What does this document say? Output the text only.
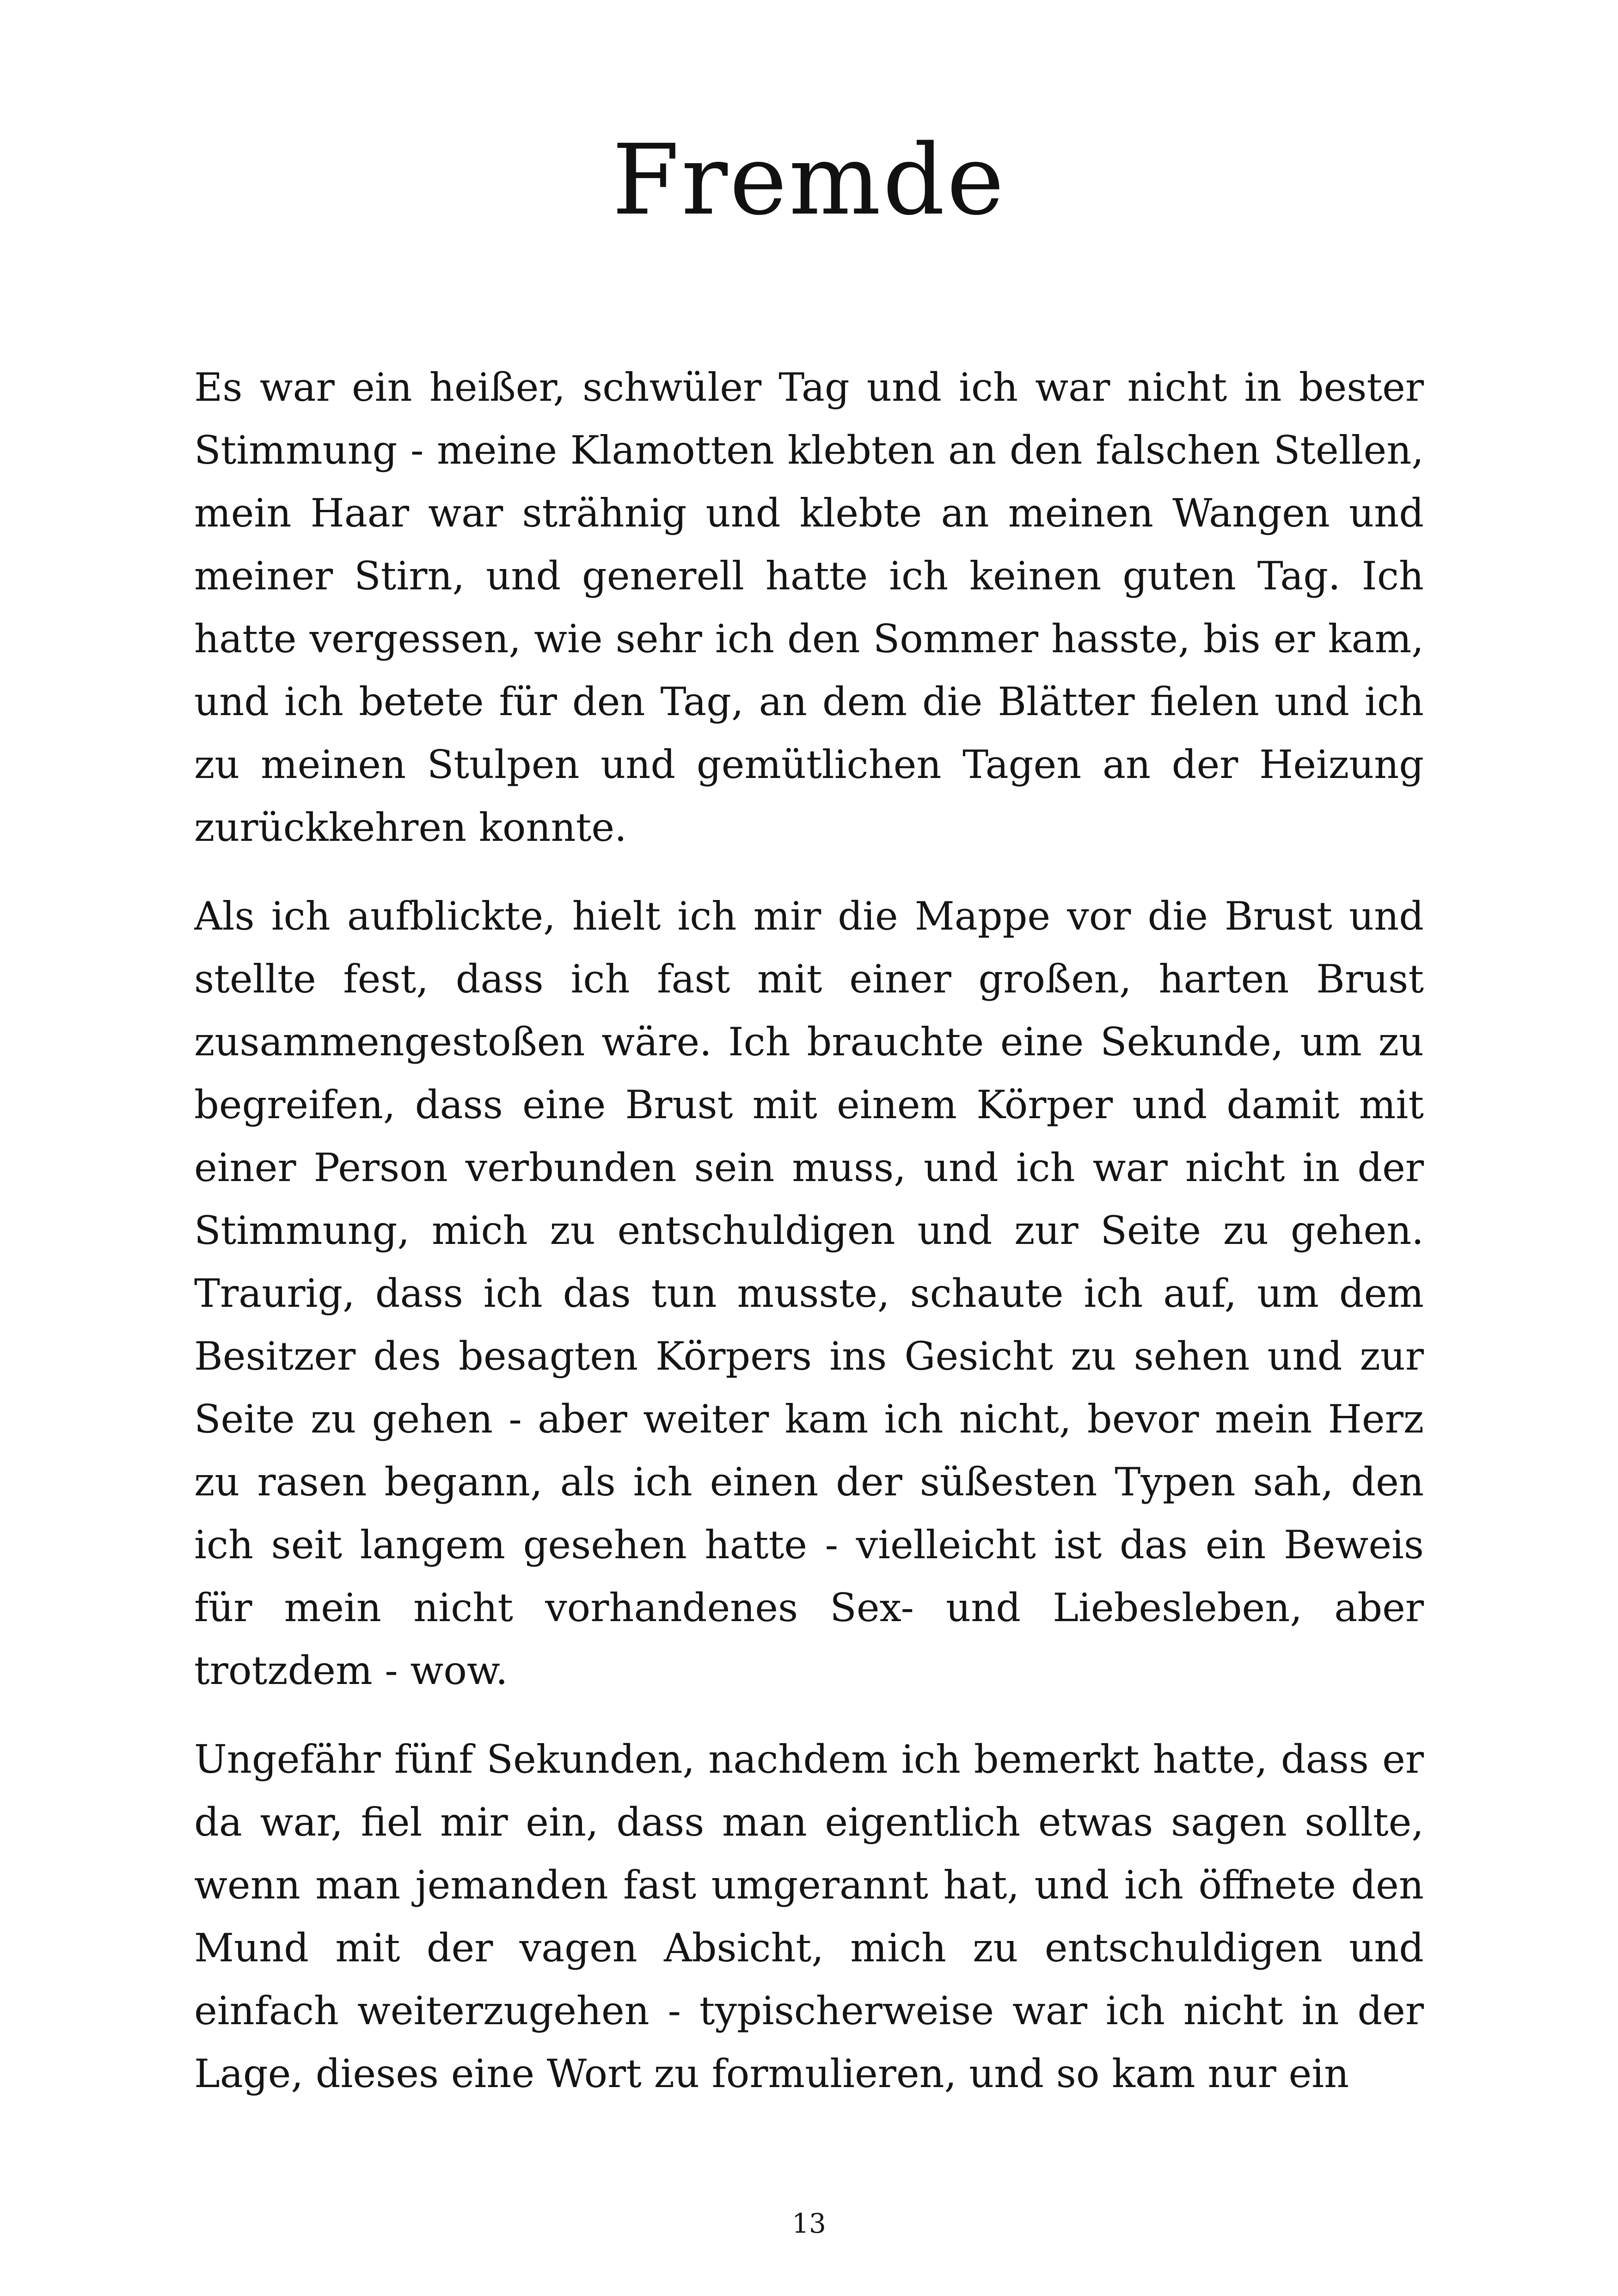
Fremde

Es war ein heißer, schwüler Tag und ich war nicht in bester Stimmung - meine Klamotten klebten an den falschen Stellen, mein Haar war strähnig und klebte an meinen Wangen und meiner Stirn, und generell hatte ich keinen guten Tag. Ich hatte vergessen, wie sehr ich den Sommer hasste, bis er kam, und ich betete für den Tag, an dem die Blätter fielen und ich zu meinen Stulpen und gemütlichen Tagen an der Heizung zurückkehren konnte.

Als ich aufblickte, hielt ich mir die Mappe vor die Brust und stellte fest, dass ich fast mit einer großen, harten Brust zusammengestoßen wäre. Ich brauchte eine Sekunde, um zu begreifen, dass eine Brust mit einem Körper und damit mit einer Person verbunden sein muss, und ich war nicht in der Stimmung, mich zu entschuldigen und zur Seite zu gehen. Traurig, dass ich das tun musste, schaute ich auf, um dem Besitzer des besagten Körpers ins Gesicht zu sehen und zur Seite zu gehen - aber weiter kam ich nicht, bevor mein Herz zu rasen begann, als ich einen der süßesten Typen sah, den ich seit langem gesehen hatte - vielleicht ist das ein Beweis für mein nicht vorhandenes Sex- und Liebesleben, aber trotzdem - wow.

Ungefähr fünf Sekunden, nachdem ich bemerkt hatte, dass er da war, fiel mir ein, dass man eigentlich etwas sagen sollte, wenn man jemanden fast umgerannt hat, und ich öffnete den Mund mit der vagen Absicht, mich zu entschuldigen und einfach weiterzugehen - typischerweise war ich nicht in der Lage, dieses eine Wort zu formulieren, und so kam nur ein

13
